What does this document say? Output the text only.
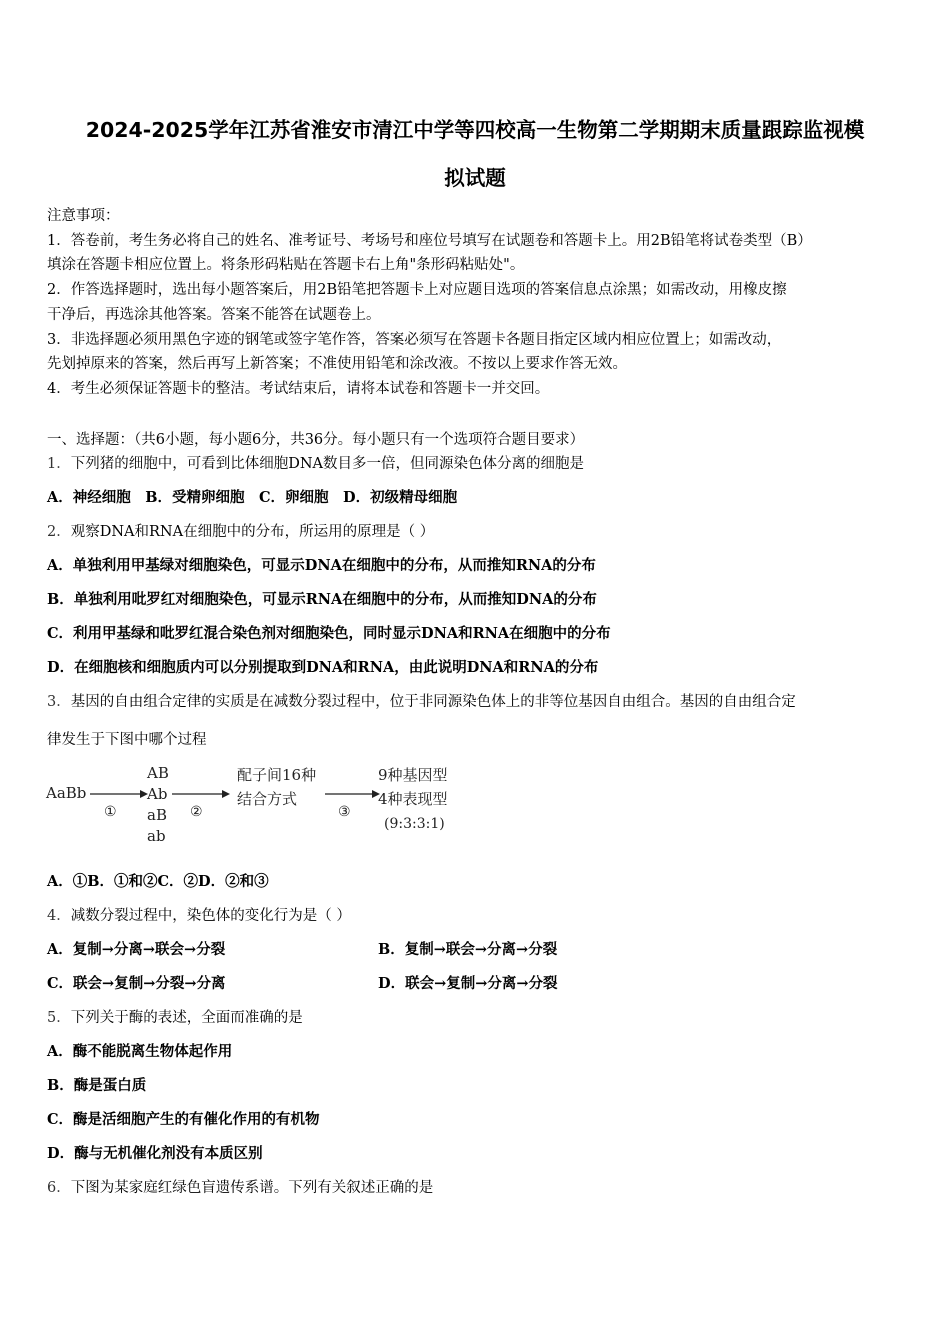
2024-2025学年江苏省淮安市清江中学等四校高一生物第二学期期末质量跟踪监视模
拟试题
注意事项：
1．答卷前，考生务必将自己的姓名、准考证号、考场号和座位号填写在试题卷和答题卡上。用2B铅笔将试卷类型（B）
填涂在答题卡相应位置上。将条形码粘贴在答题卡右上角"条形码粘贴处"。
2．作答选择题时，选出每小题答案后，用2B铅笔把答题卡上对应题目选项的答案信息点涂黑；如需改动，用橡皮擦
干净后，再选涂其他答案。答案不能答在试题卷上。
3．非选择题必须用黑色字迹的钢笔或签字笔作答，答案必须写在答题卡各题目指定区域内相应位置上；如需改动，
先划掉原来的答案，然后再写上新答案；不准使用铅笔和涂改液。不按以上要求作答无效。
4．考生必须保证答题卡的整洁。考试结束后，请将本试卷和答题卡一并交回。
一、选择题：（共6小题，每小题6分，共36分。每小题只有一个选项符合题目要求）
1．下列猪的细胞中，可看到比体细胞DNA数目多一倍，但同源染色体分离的细胞是
A．神经细胞　B．受精卵细胞　C．卵细胞　D．初级精母细胞
2．观察DNA和RNA在细胞中的分布，所运用的原理是（ ）
A．单独利用甲基绿对细胞染色，可显示DNA在细胞中的分布，从而推知RNA的分布
B．单独利用吡罗红对细胞染色，可显示RNA在细胞中的分布，从而推知DNA的分布
C．利用甲基绿和吡罗红混合染色剂对细胞染色，同时显示DNA和RNA在细胞中的分布
D．在细胞核和细胞质内可以分别提取到DNA和RNA，由此说明DNA和RNA的分布
3．基因的自由组合定律的实质是在减数分裂过程中，位于非同源染色体上的非等位基因自由组合。基因的自由组合定
律发生于下图中哪个过程
AaBb
①
AB
Ab
aB
ab
②
配子间16种
结合方式
③
9种基因型
4种表现型
(9:3:3:1)
A．①B．①和②C．②D．②和③
4．减数分裂过程中，染色体的变化行为是（ ）
A．复制→分离→联会→分裂	B．复制→联会→分离→分裂
C．联会→复制→分裂→分离	D．联会→复制→分离→分裂
5．下列关于酶的表述，全面而准确的是
A．酶不能脱离生物体起作用
B．酶是蛋白质
C．酶是活细胞产生的有催化作用的有机物
D．酶与无机催化剂没有本质区别
6．下图为某家庭红绿色盲遗传系谱。下列有关叙述正确的是
